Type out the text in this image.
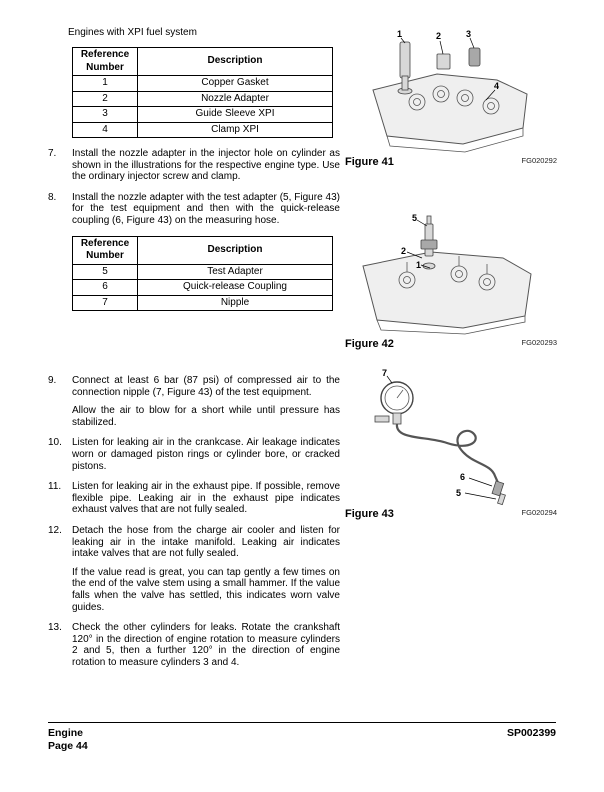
Engines with XPI fuel system
Reference Number	Description
1	Copper Gasket
2	Nozzle Adapter
3	Guide Sleeve XPI
4	Clamp XPI
7.	Install the nozzle adapter in the injector hole on cylinder as shown in the illustrations for the respective engine type. Use the ordinary injector screw and clamp.

8.	Install the nozzle adapter with the test adapter (5, Figure 43) for the test equipment and then with the quick-release coupling (6, Figure 43) on the measuring hose.

Reference Number	Description
5	Test Adapter
6	Quick-release Coupling
7	Nipple
9.	Connect at least 6 bar (87 psi) of compressed air to the connection nipple (7, Figure 43) of the test equipment.

Allow the air to blow for a short while until pressure has stabilized.

10.	Listen for leaking air in the crankcase. Air leakage indicates worn or damaged piston rings or cylinder bore, or cracked pistons.

11.	Listen for leaking air in the exhaust pipe. If possible, remove flexible pipe. Leaking air in the exhaust pipe indicates exhaust valves that are not fully sealed.

12.	Detach the hose from the charge air cooler and listen for leaking air in the intake manifold. Leaking air indicates intake valves that are not fully sealed.

If the value read is great, you can tap gently a few times on the end of the valve stem using a small hammer. If the value falls when the valve has settled, this indicates worn valve guides.

13.	Check the other cylinders for leaks. Rotate the crankshaft 120° in the direction of engine rotation to measure cylinders 2 and 5, then a further 120° in the direction of engine rotation to measure cylinders 3 and 4.

1	2	3
4
Figure 41	FG020292
5
2
1
Figure 42	FG020293
7
6
5
Figure 43	FG020294
Engine
Page 44
SP002399
